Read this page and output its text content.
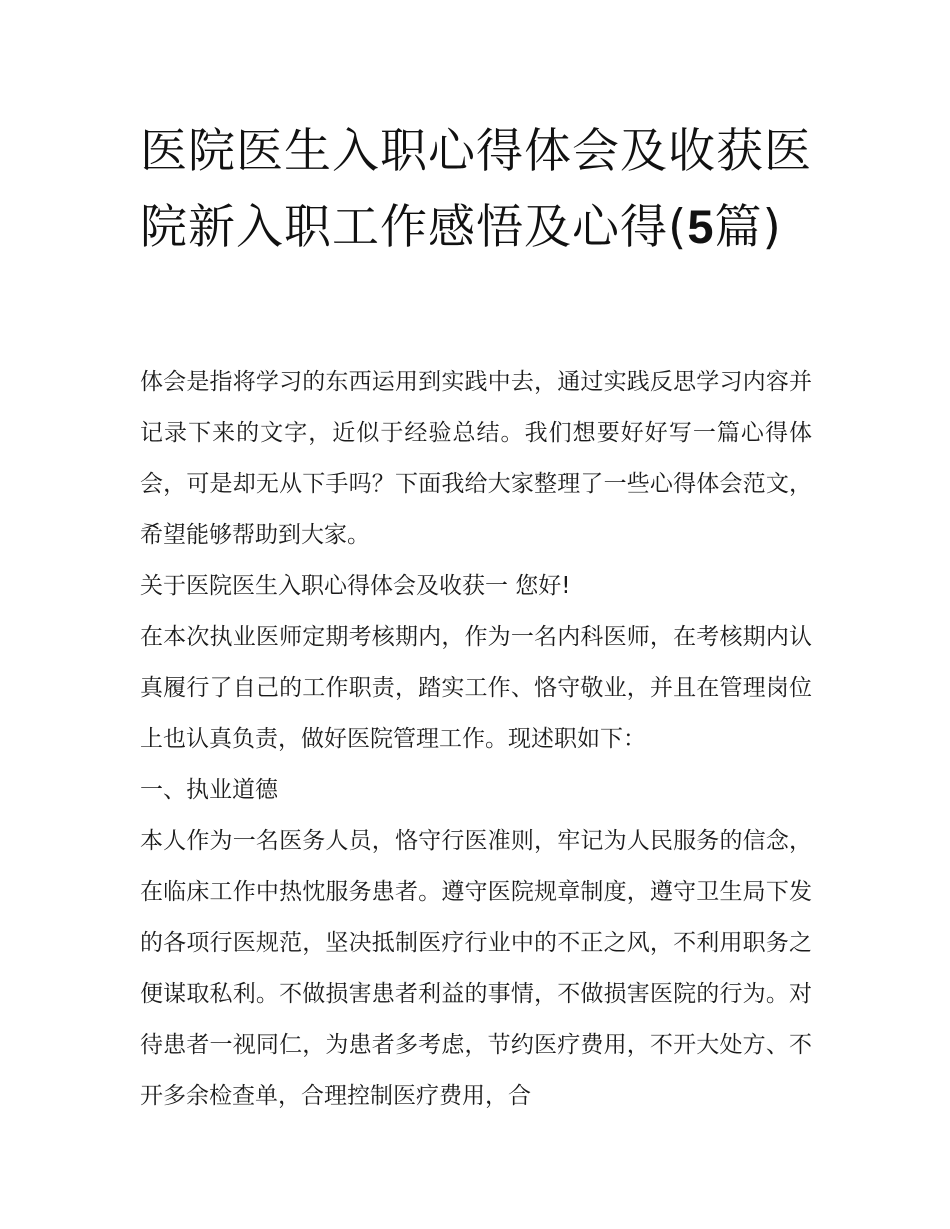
医院医生入职心得体会及收获医院新入职工作感悟及心得(5篇)

体会是指将学习的东西运用到实践中去，通过实践反思学习内容并记录下来的文字，近似于经验总结。我们想要好好写一篇心得体会，可是却无从下手吗？下面我给大家整理了一些心得体会范文，希望能够帮助到大家。

关于医院医生入职心得体会及收获一 您好!

在本次执业医师定期考核期内，作为一名内科医师，在考核期内认真履行了自己的工作职责，踏实工作、恪守敬业，并且在管理岗位上也认真负责，做好医院管理工作。现述职如下：

一、执业道德

本人作为一名医务人员，恪守行医准则，牢记为人民服务的信念，在临床工作中热忱服务患者。遵守医院规章制度，遵守卫生局下发的各项行医规范，坚决抵制医疗行业中的不正之风，不利用职务之便谋取私利。不做损害患者利益的事情，不做损害医院的行为。对待患者一视同仁，为患者多考虑，节约医疗费用，不开大处方、不开多余检查单，合理控制医疗费用，合
